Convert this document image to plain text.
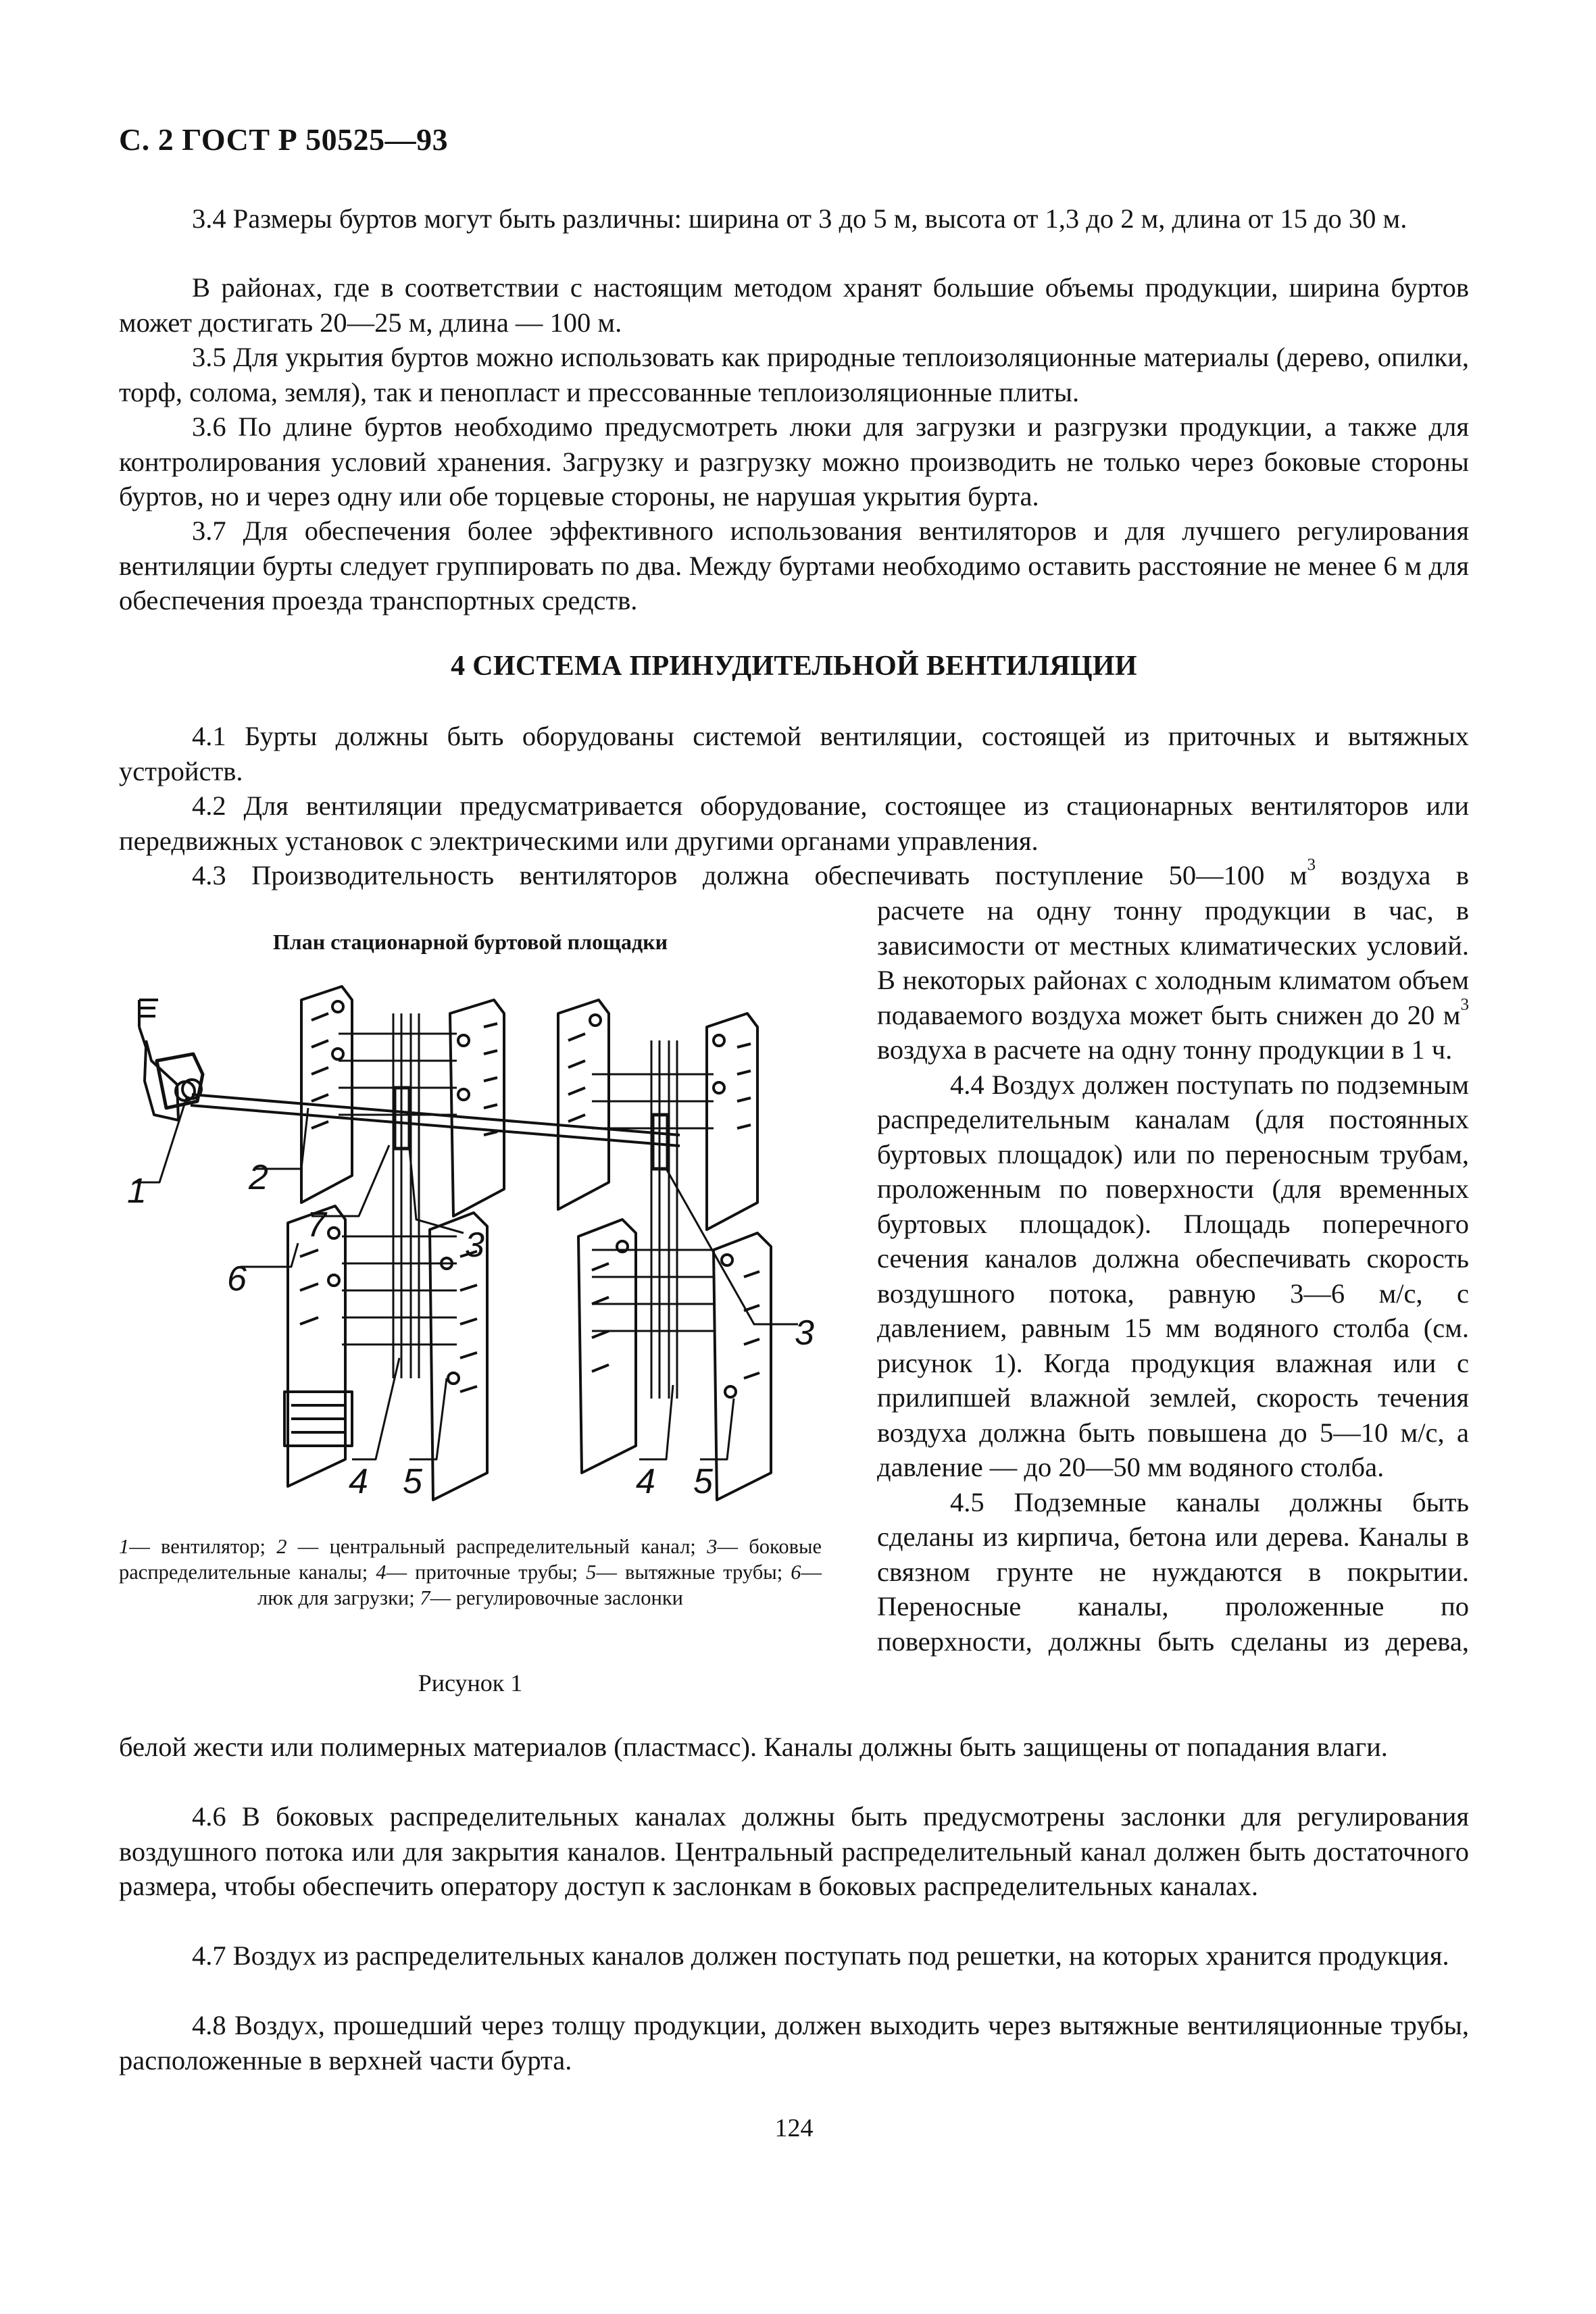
С. 2 ГОСТ Р 50525—93

3.4 Размеры буртов могут быть различны: ширина от 3 до 5 м, высота от 1,3 до 2 м, длина от 15 до 30 м.

В районах, где в соответствии с настоящим методом хранят большие объемы продукции, ширина буртов может достигать 20—25 м, длина — 100 м.

3.5 Для укрытия буртов можно использовать как природные теплоизоляционные материалы (дерево, опилки, торф, солома, земля), так и пенопласт и прессованные теплоизоляционные плиты.

3.6 По длине буртов необходимо предусмотреть люки для загрузки и разгрузки продукции, а также для контролирования условий хранения. Загрузку и разгрузку можно производить не только через боковые стороны буртов, но и через одну или обе торцевые стороны, не нарушая укрытия бурта.

3.7 Для обеспечения более эффективного использования вентиляторов и для лучшего регулирования вентиляции бурты следует группировать по два. Между буртами необходимо оставить расстояние не менее 6 м для обеспечения проезда транспортных средств.

4 СИСТЕМА ПРИНУДИТЕЛЬНОЙ ВЕНТИЛЯЦИИ

4.1 Бурты должны быть оборудованы системой вентиляции, состоящей из приточных и вытяжных устройств.

4.2 Для вентиляции предусматривается оборудование, состоящее из стационарных вентиляторов или передвижных установок с электрическими или другими органами управления.

4.3 Производительность вентиляторов должна обеспечивать поступление 50—100 $м^3$ воздуха в

расчете на одну тонну продукции в час, в зависимости от местных климатических условий. В некоторых районах с холодным климатом объем подаваемого воздуха может быть снижен до 20 $м^3$ воздуха в расчете на одну тонну продукции в 1 ч.

4.4 Воздух должен поступать по подземным распределительным каналам (для постоянных буртовых площадок) или по переносным трубам, проложенным по поверхности (для временных буртовых площадок). Площадь поперечного сечения каналов должна обеспечивать скорость воздушного потока, равную 3—6 м/с, с давлением, равным 15 мм водяного столба (см. рисунок 1). Когда продукция влажная или с прилипшей влажной землей, скорость течения воздуха должна быть повышена до 5—10 м/с, а давление — до 20—50 мм водяного столба.

4.5 Подземные каналы должны быть сделаны из кирпича, бетона или дерева. Каналы в связном грунте не нуждаются в покрытии. Переносные каналы, проложенные по поверхности, должны быть сделаны из дерева,

белой жести или полимерных материалов (пластмасс). Каналы должны быть защищены от попадания влаги.

4.6 В боковых распределительных каналах должны быть предусмотрены заслонки для регулирования воздушного потока или для закрытия каналов. Центральный распределительный канал должен быть достаточного размера, чтобы обеспечить оператору доступ к заслонкам в боковых распределительных каналах.

4.7 Воздух из распределительных каналов должен поступать под решетки, на которых хранится продукция.

4.8 Воздух, прошедший через толщу продукции, должен выходить через вытяжные вентиляционные трубы, расположенные в верхней части бурта.

План стационарной буртовой площадки
1	2
7
3
6
3
4 5	4 5
1— вентилятор; 2 — центральный распределительный канал; 3— боковые распределительные каналы; 4— приточные трубы; 5— вытяжные трубы; 6— люк для загрузки; 7— регулировочные заслонки
Рисунок 1
124
